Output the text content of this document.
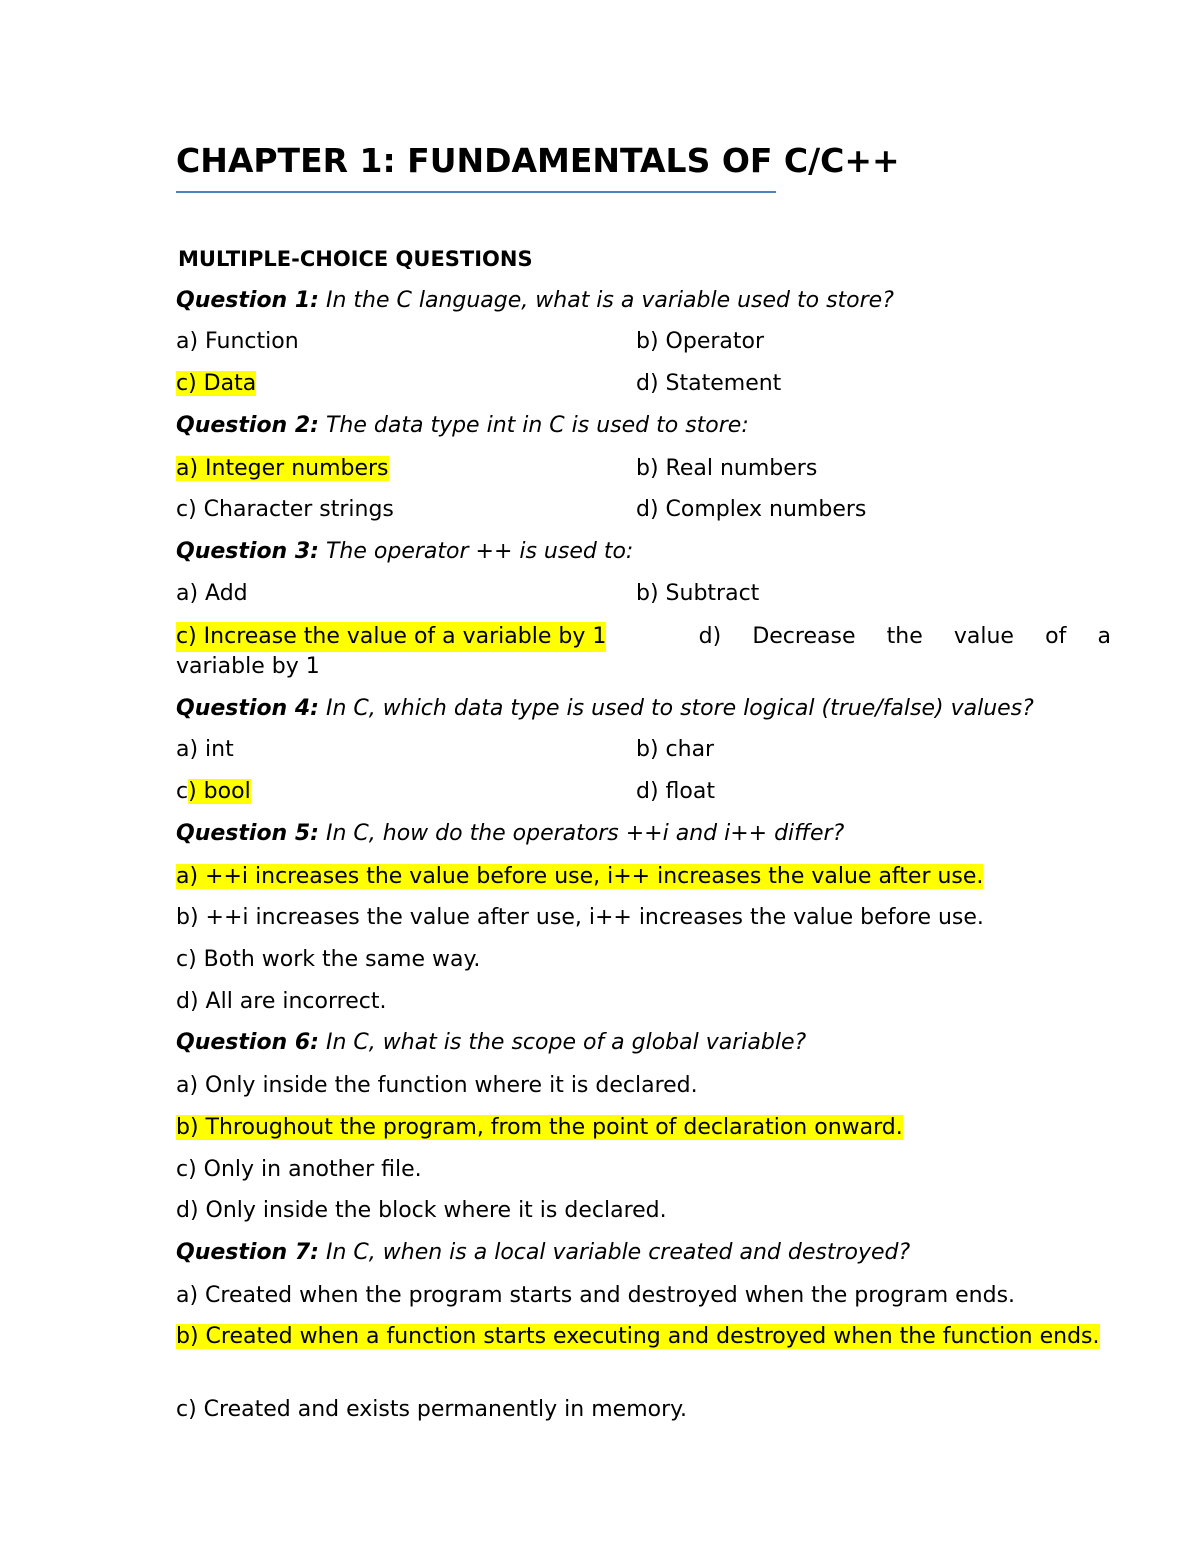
CHAPTER 1: FUNDAMENTALS OF C/C++
MULTIPLE-CHOICE QUESTIONS
Question 1: In the C language, what is a variable used to store?
a) Function	b) Operator
c) Data	d) Statement
Question 2: The data type int in C is used to store:
a) Integer numbers	b) Real numbers
c) Character strings	d) Complex numbers
Question 3: The operator ++ is used to:
a) Add	b) Subtract
c) Increase the value of a variable by 1	d) Decrease the value of a
variable by 1
Question 4: In C, which data type is used to store logical (true/false) values?
a) int	b) char
c) bool	d) float
Question 5: In C, how do the operators ++i and i++ differ?
a) ++i increases the value before use, i++ increases the value after use.
b) ++i increases the value after use, i++ increases the value before use.
c) Both work the same way.
d) All are incorrect.
Question 6: In C, what is the scope of a global variable?
a) Only inside the function where it is declared.
b) Throughout the program, from the point of declaration onward.
c) Only in another file.
d) Only inside the block where it is declared.
Question 7: In C, when is a local variable created and destroyed?
a) Created when the program starts and destroyed when the program ends.
b) Created when a function starts executing and destroyed when the function ends.
c) Created and exists permanently in memory.
